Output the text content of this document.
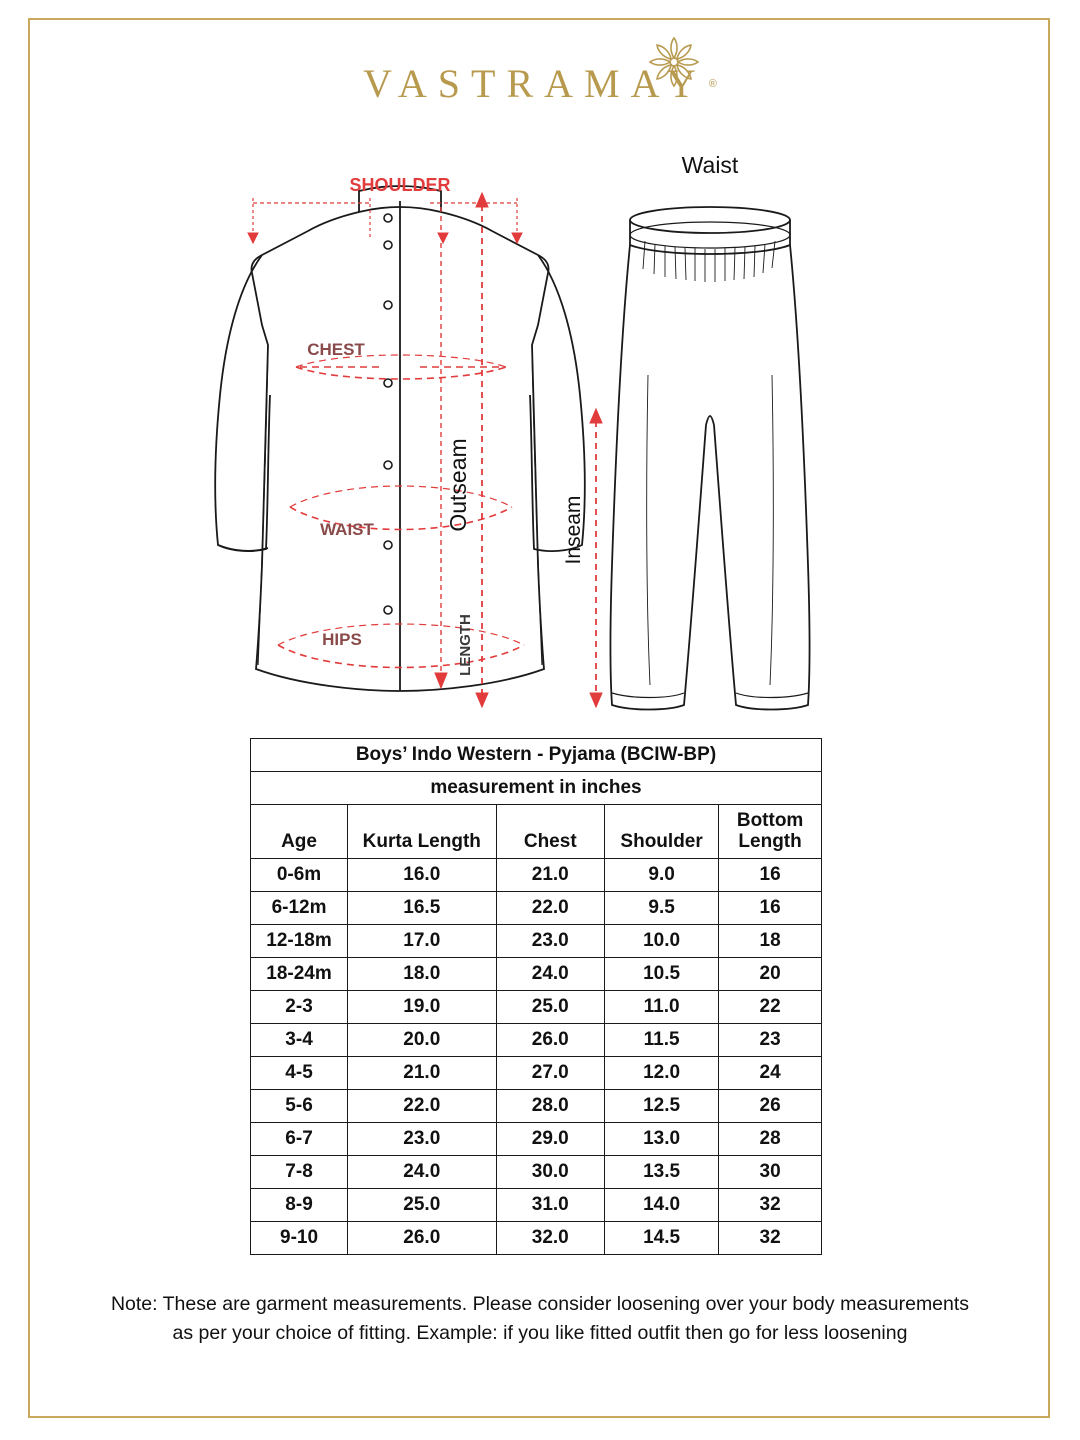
VASTRAMAY ®
SHOULDER
CHEST
WAIST
HIPS	LENGTH
Waist
Outseam	Inseam
Boys’ Indo Western - Pyjama (BCIW-BP)				
measurement in inches				
Age	Kurta Length	Chest	Shoulder	Bottom
Length

0-6m	16.0	21.0	9.0	16
6-12m	16.5	22.0	9.5	16
12-18m	17.0	23.0	10.0	18
18-24m	18.0	24.0	10.5	20
2-3	19.0	25.0	11.0	22
3-4	20.0	26.0	11.5	23
4-5	21.0	27.0	12.0	24
5-6	22.0	28.0	12.5	26
6-7	23.0	29.0	13.0	28
7-8	24.0	30.0	13.5	30
8-9	25.0	31.0	14.0	32
9-10	26.0	32.0	14.5	32
Note: These are garment measurements. Please consider loosening over your body measurements
as per your choice of fitting. Example: if you like fitted outfit then go for less loosening
